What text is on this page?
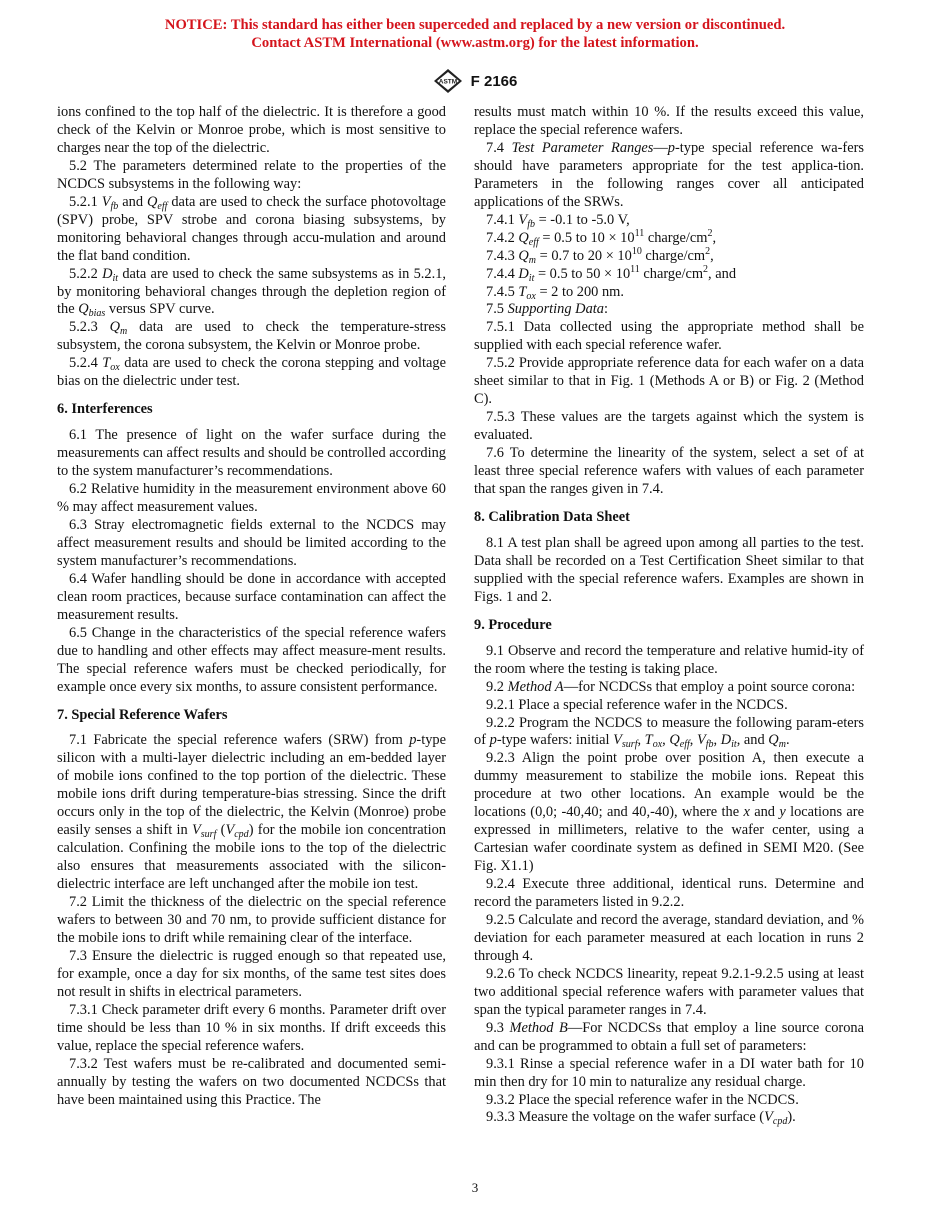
NOTICE: This standard has either been superceded and replaced by a new version or discontinued.
Contact ASTM International (www.astm.org) for the latest information.
ASTM F 2166

ions confined to the top half of the dielectric. It is therefore a good check of the Kelvin or Monroe probe, which is most sensitive to charges near the top of the dielectric.

5.2 The parameters determined relate to the properties of the NCDCS subsystems in the following way:

5.2.1 $V_{fb}$ and $Q_{eff}$ data are used to check the surface photovoltage (SPV) probe, SPV strobe and corona biasing subsystems, by monitoring behavioral changes through accu-mulation and around the flat band condition.

5.2.2 $D_{it}$ data are used to check the same subsystems as in 5.2.1, by monitoring behavioral changes through the depletion region of the $Q_{bias}$ versus SPV curve.

5.2.3 $Q_m$ data are used to check the temperature-stress subsystem, the corona subsystem, the Kelvin or Monroe probe.

5.2.4 $T_{ox}$ data are used to check the corona stepping and voltage bias on the dielectric under test.

6. Interferences

6.1 The presence of light on the wafer surface during the measurements can affect results and should be controlled according to the system manufacturer’s recommendations.

6.2 Relative humidity in the measurement environment above 60 % may affect measurement values.

6.3 Stray electromagnetic fields external to the NCDCS may affect measurement results and should be limited according to the system manufacturer’s recommendations.

6.4 Wafer handling should be done in accordance with accepted clean room practices, because surface contamination can affect the measurement results.

6.5 Change in the characteristics of the special reference wafers due to handling and other effects may affect measure-ment results. The special reference wafers must be checked periodically, for example once every six months, to assure consistent performance.

7. Special Reference Wafers

7.1 Fabricate the special reference wafers (SRW) from p-type silicon with a multi-layer dielectric including an em-bedded layer of mobile ions confined to the top portion of the dielectric. These mobile ions drift during temperature-bias stressing. Since the drift occurs only in the top of the dielectric, the Kelvin (Monroe) probe easily senses a shift in $V_{surf}$ $(V_{cpd})$ for the mobile ion concentration calculation. Confining the mobile ions to the top of the dielectric also ensures that measurements associated with the silicon-dielectric interface are left unchanged after the mobile ion test.

7.2 Limit the thickness of the dielectric on the special reference wafers to between 30 and 70 nm, to provide sufficient distance for the mobile ions to drift while remaining clear of the interface.

7.3 Ensure the dielectric is rugged enough so that repeated use, for example, once a day for six months, of the same test sites does not result in shifts in electrical parameters.

7.3.1 Check parameter drift every 6 months. Parameter drift over time should be less than 10 % in six months. If drift exceeds this value, replace the special reference wafers.

7.3.2 Test wafers must be re-calibrated and documented semi-annually by testing the wafers on two documented NCDCSs that have been maintained using this Practice. The

results must match within 10 %. If the results exceed this value, replace the special reference wafers.

7.4 Test Parameter Ranges—p-type special reference wa-fers should have parameters appropriate for the test applica-tion. Parameters in the following ranges cover all anticipated applications of the SRWs.

7.4.1 $V_{fb} = -0.1$ to -5.0 V,

7.4.2 $Q_{eff} = 0.5$ to $10 \times 10^{11}$ charge/$cm^2$,

7.4.3 $Q_m = 0.7$ to $20 \times 10^{10}$ charge/$cm^2$,

7.4.4 $D_{it} = 0.5$ to $50 \times 10^{11}$ charge/$cm^2$, and

7.4.5 $T_{ox} = 2$ to 200 nm.

7.5 Supporting Data:

7.5.1 Data collected using the appropriate method shall be supplied with each special reference wafer.

7.5.2 Provide appropriate reference data for each wafer on a data sheet similar to that in Fig. 1 (Methods A or B) or Fig. 2 (Method C).

7.5.3 These values are the targets against which the system is evaluated.

7.6 To determine the linearity of the system, select a set of at least three special reference wafers with values of each parameter that span the ranges given in 7.4.

8. Calibration Data Sheet

8.1 A test plan shall be agreed upon among all parties to the test. Data shall be recorded on a Test Certification Sheet similar to that supplied with the special reference wafers. Examples are shown in Figs. 1 and 2.

9. Procedure

9.1 Observe and record the temperature and relative humid-ity of the room where the testing is taking place.

9.2 Method A—for NCDCSs that employ a point source corona:

9.2.1 Place a special reference wafer in the NCDCS.

9.2.2 Program the NCDCS to measure the following param-eters of p-type wafers: initial $V_{surf}$, $T_{ox}$, $Q_{eff}$, $V_{fb}$, $D_{it}$, and $Q_m$.

9.2.3 Align the point probe over position A, then execute a dummy measurement to stabilize the mobile ions. Repeat this procedure at two other locations. An example would be the locations (0,0; -40,40; and 40,-40), where the x and y locations are expressed in millimeters, relative to the wafer center, using a Cartesian wafer coordinate system as defined in SEMI M20. (See Fig. X1.1)

9.2.4 Execute three additional, identical runs. Determine and record the parameters listed in 9.2.2.

9.2.5 Calculate and record the average, standard deviation, and % deviation for each parameter measured at each location in runs 2 through 4.

9.2.6 To check NCDCS linearity, repeat 9.2.1-9.2.5 using at least two additional special reference wafers with parameter values that span the typical parameter ranges in 7.4.

9.3 Method B—For NCDCSs that employ a line source corona and can be programmed to obtain a full set of parameters:

9.3.1 Rinse a special reference wafer in a DI water bath for 10 min then dry for 10 min to naturalize any residual charge.

9.3.2 Place the special reference wafer in the NCDCS.

9.3.3 Measure the voltage on the wafer surface $(V_{cpd})$.

3
